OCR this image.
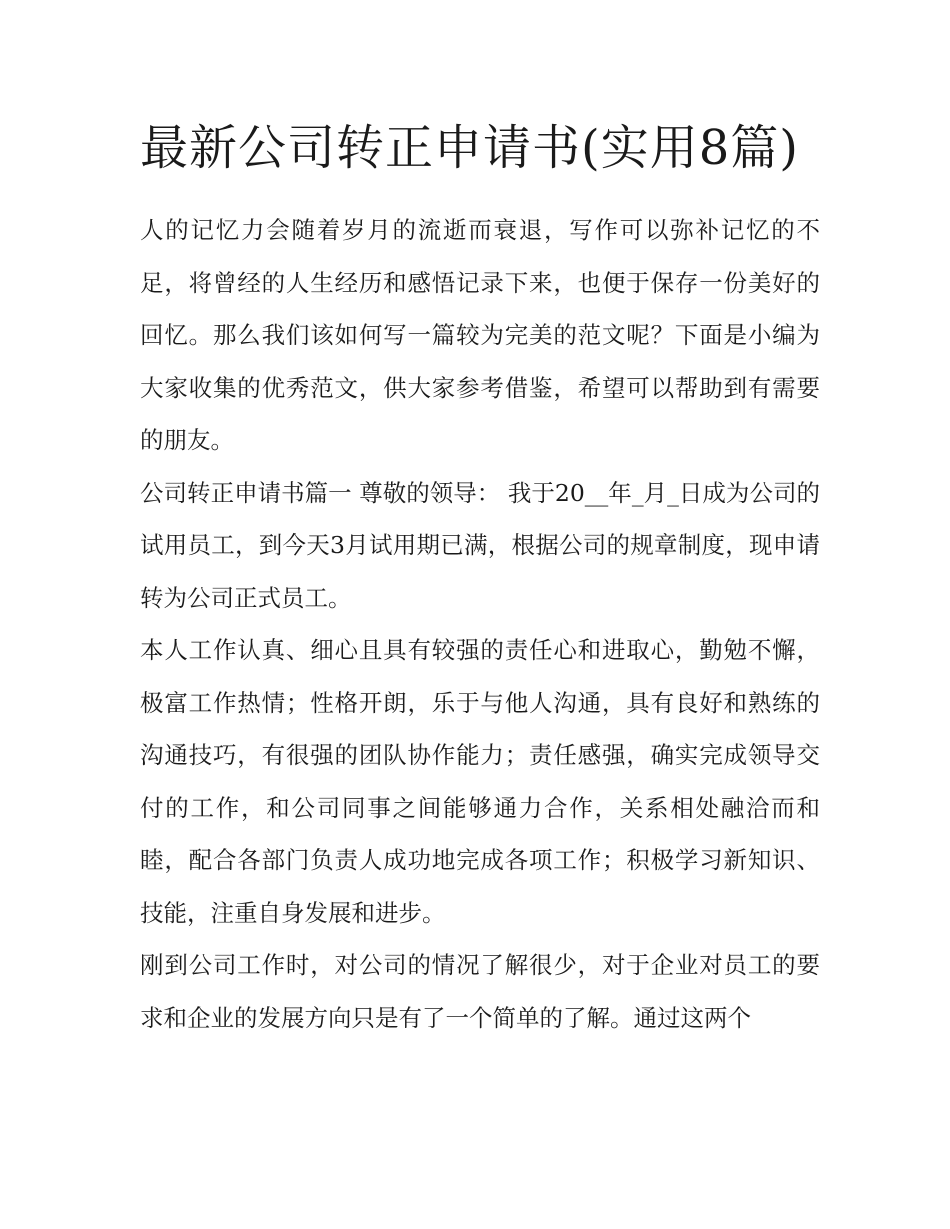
最新公司转正申请书(实用8篇)

人的记忆力会随着岁月的流逝而衰退，写作可以弥补记忆的不足，将曾经的人生经历和感悟记录下来，也便于保存一份美好的回忆。那么我们该如何写一篇较为完美的范文呢？下面是小编为大家收集的优秀范文，供大家参考借鉴，希望可以帮助到有需要的朋友。

公司转正申请书篇一 尊敬的领导： 我于20__年_月_日成为公司的试用员工，到今天3月试用期已满，根据公司的规章制度，现申请转为公司正式员工。

本人工作认真、细心且具有较强的责任心和进取心，勤勉不懈，极富工作热情；性格开朗，乐于与他人沟通，具有良好和熟练的沟通技巧，有很强的团队协作能力；责任感强，确实完成领导交付的工作，和公司同事之间能够通力合作，关系相处融洽而和睦，配合各部门负责人成功地完成各项工作；积极学习新知识、技能，注重自身发展和进步。

刚到公司工作时，对公司的情况了解很少，对于企业对员工的要求和企业的发展方向只是有了一个简单的了解。通过这两个
